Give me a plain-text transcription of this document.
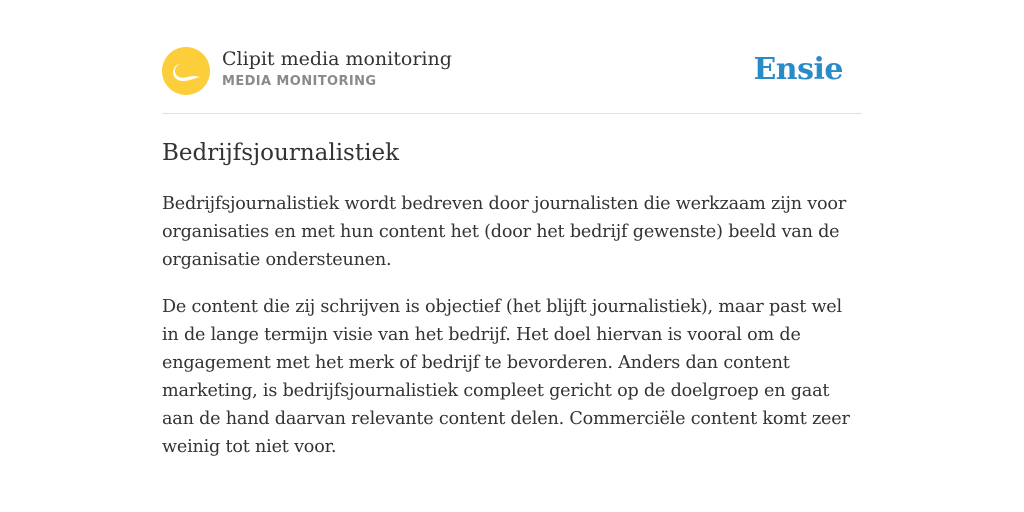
Clipit media monitoring
MEDIA MONITORING	Ensie
Bedrijfsjournalistiek

Bedrijfsjournalistiek wordt bedreven door journalisten die werkzaam zijn voor organisaties en met hun content het (door het bedrijf gewenste) beeld van de organisatie ondersteunen.

De content die zij schrijven is objectief (het blijft journalistiek), maar past wel in de lange termijn visie van het bedrijf. Het doel hiervan is vooral om de engagement met het merk of bedrijf te bevorderen. Anders dan content marketing, is bedrijfsjournalistiek compleet gericht op de doelgroep en gaat aan de hand daarvan relevante content delen. Commerciële content komt zeer weinig tot niet voor.
